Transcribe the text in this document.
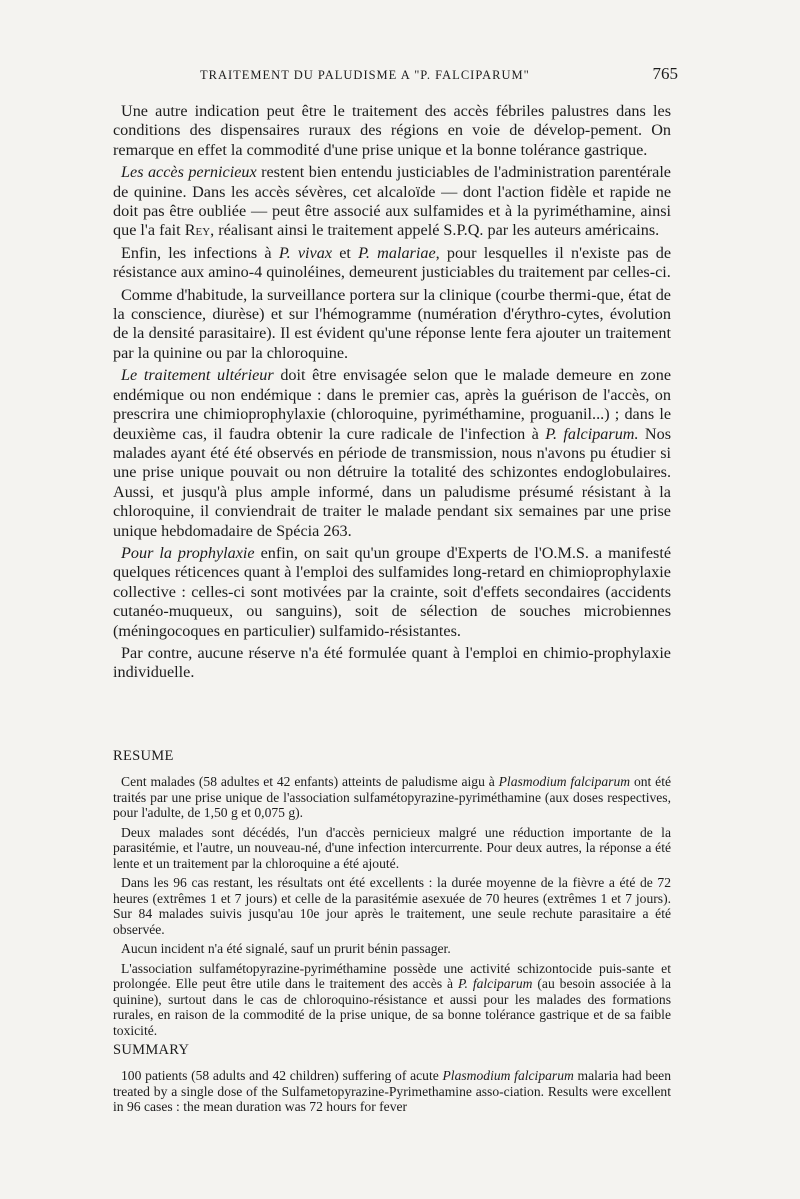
TRAITEMENT DU PALUDISME A "P. FALCIPARUM"	765

Une autre indication peut être le traitement des accès fébriles palustres dans les conditions des dispensaires ruraux des régions en voie de dévelop-pement. On remarque en effet la commodité d'une prise unique et la bonne tolérance gastrique.

Les accès pernicieux restent bien entendu justiciables de l'administration parentérale de quinine. Dans les accès sévères, cet alcaloïde — dont l'action fidèle et rapide ne doit pas être oubliée — peut être associé aux sulfamides et à la pyriméthamine, ainsi que l'a fait Rey, réalisant ainsi le traitement appelé S.P.Q. par les auteurs américains.

Enfin, les infections à P. vivax et P. malariae, pour lesquelles il n'existe pas de résistance aux amino-4 quinoléines, demeurent justiciables du traitement par celles-ci.

Comme d'habitude, la surveillance portera sur la clinique (courbe thermi-que, état de la conscience, diurèse) et sur l'hémogramme (numération d'érythro-cytes, évolution de la densité parasitaire). Il est évident qu'une réponse lente fera ajouter un traitement par la quinine ou par la chloroquine.

Le traitement ultérieur doit être envisagée selon que le malade demeure en zone endémique ou non endémique : dans le premier cas, après la guérison de l'accès, on prescrira une chimioprophylaxie (chloroquine, pyriméthamine, proguanil...) ; dans le deuxième cas, il faudra obtenir la cure radicale de l'infection à P. falciparum. Nos malades ayant été été observés en période de transmission, nous n'avons pu étudier si une prise unique pouvait ou non détruire la totalité des schizontes endoglobulaires. Aussi, et jusqu'à plus ample informé, dans un paludisme présumé résistant à la chloroquine, il conviendrait de traiter le malade pendant six semaines par une prise unique hebdomadaire de Spécia 263.

Pour la prophylaxie enfin, on sait qu'un groupe d'Experts de l'O.M.S. a manifesté quelques réticences quant à l'emploi des sulfamides long-retard en chimioprophylaxie collective : celles-ci sont motivées par la crainte, soit d'effets secondaires (accidents cutanéo-muqueux, ou sanguins), soit de sélection de souches microbiennes (méningocoques en particulier) sulfamido-résistantes.

Par contre, aucune réserve n'a été formulée quant à l'emploi en chimio-prophylaxie individuelle.

RESUME

Cent malades (58 adultes et 42 enfants) atteints de paludisme aigu à Plasmodium falciparum ont été traités par une prise unique de l'association sulfamétopyrazine-pyriméthamine (aux doses respectives, pour l'adulte, de 1,50 g et 0,075 g).

Deux malades sont décédés, l'un d'accès pernicieux malgré une réduction importante de la parasitémie, et l'autre, un nouveau-né, d'une infection intercurrente. Pour deux autres, la réponse a été lente et un traitement par la chloroquine a été ajouté.

Dans les 96 cas restant, les résultats ont été excellents : la durée moyenne de la fièvre a été de 72 heures (extrêmes 1 et 7 jours) et celle de la parasitémie asexuée de 70 heures (extrêmes 1 et 7 jours). Sur 84 malades suivis jusqu'au 10e jour après le traitement, une seule rechute parasitaire a été observée.

Aucun incident n'a été signalé, sauf un prurit bénin passager.

L'association sulfamétopyrazine-pyriméthamine possède une activité schizontocide puis-sante et prolongée. Elle peut être utile dans le traitement des accès à P. falciparum (au besoin associée à la quinine), surtout dans le cas de chloroquino-résistance et aussi pour les malades des formations rurales, en raison de la commodité de la prise unique, de sa bonne tolérance gastrique et de sa faible toxicité.

SUMMARY

100 patients (58 adults and 42 children) suffering of acute Plasmodium falciparum malaria had been treated by a single dose of the Sulfametopyrazine-Pyrimethamine asso-ciation. Results were excellent in 96 cases : the mean duration was 72 hours for fever
